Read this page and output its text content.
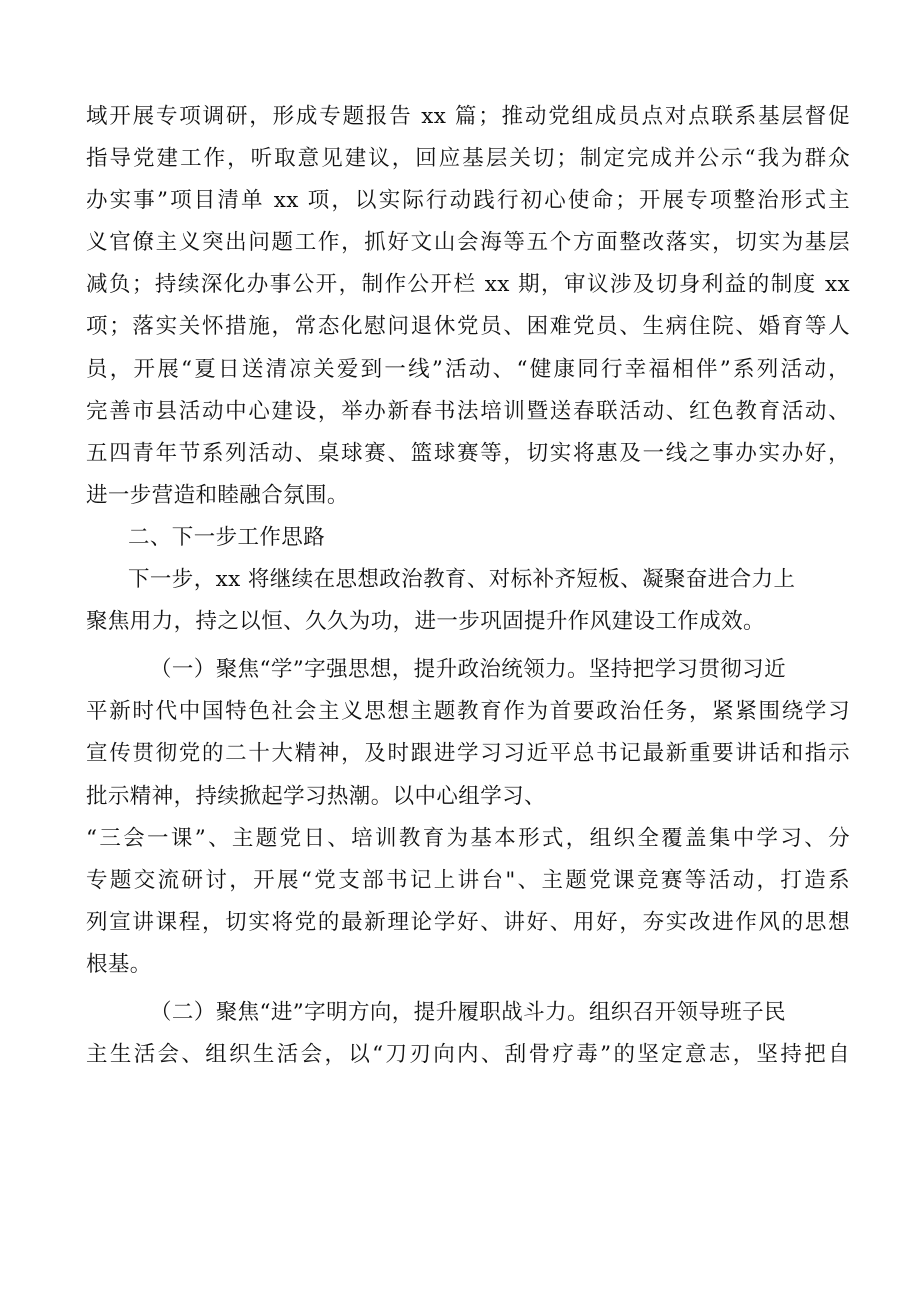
域开展专项调研，形成专题报告 xx 篇；推动党组成员点对点联系基层督促
指导党建工作，听取意见建议，回应基层关切；制定完成并公示“我为群众
办实事”项目清单 xx 项，以实际行动践行初心使命；开展专项整治形式主
义官僚主义突出问题工作，抓好文山会海等五个方面整改落实，切实为基层
减负；持续深化办事公开，制作公开栏 xx 期，审议涉及切身利益的制度 xx
项；落实关怀措施，常态化慰问退休党员、困难党员、生病住院、婚育等人
员，开展“夏日送清凉关爱到一线”活动、“健康同行幸福相伴”系列活动，
完善市县活动中心建设，举办新春书法培训暨送春联活动、红色教育活动、
五四青年节系列活动、桌球赛、篮球赛等，切实将惠及一线之事办实办好，
进一步营造和睦融合氛围。
二、下一步工作思路
下一步，xx 将继续在思想政治教育、对标补齐短板、凝聚奋进合力上
聚焦用力，持之以恒、久久为功，进一步巩固提升作风建设工作成效。
（一）聚焦“学”字强思想，提升政治统领力。坚持把学习贯彻习近
平新时代中国特色社会主义思想主题教育作为首要政治任务，紧紧围绕学习
宣传贯彻党的二十大精神，及时跟进学习习近平总书记最新重要讲话和指示
批示精神，持续掀起学习热潮。以中心组学习、
“三会一课”、主题党日、培训教育为基本形式，组织全覆盖集中学习、分
专题交流研讨，开展“党支部书记上讲台"、主题党课竞赛等活动，打造系
列宣讲课程，切实将党的最新理论学好、讲好、用好，夯实改进作风的思想
根基。
（二）聚焦“进”字明方向，提升履职战斗力。组织召开领导班子民
主生活会、组织生活会，以“刀刃向内、刮骨疗毒”的坚定意志，坚持把自
